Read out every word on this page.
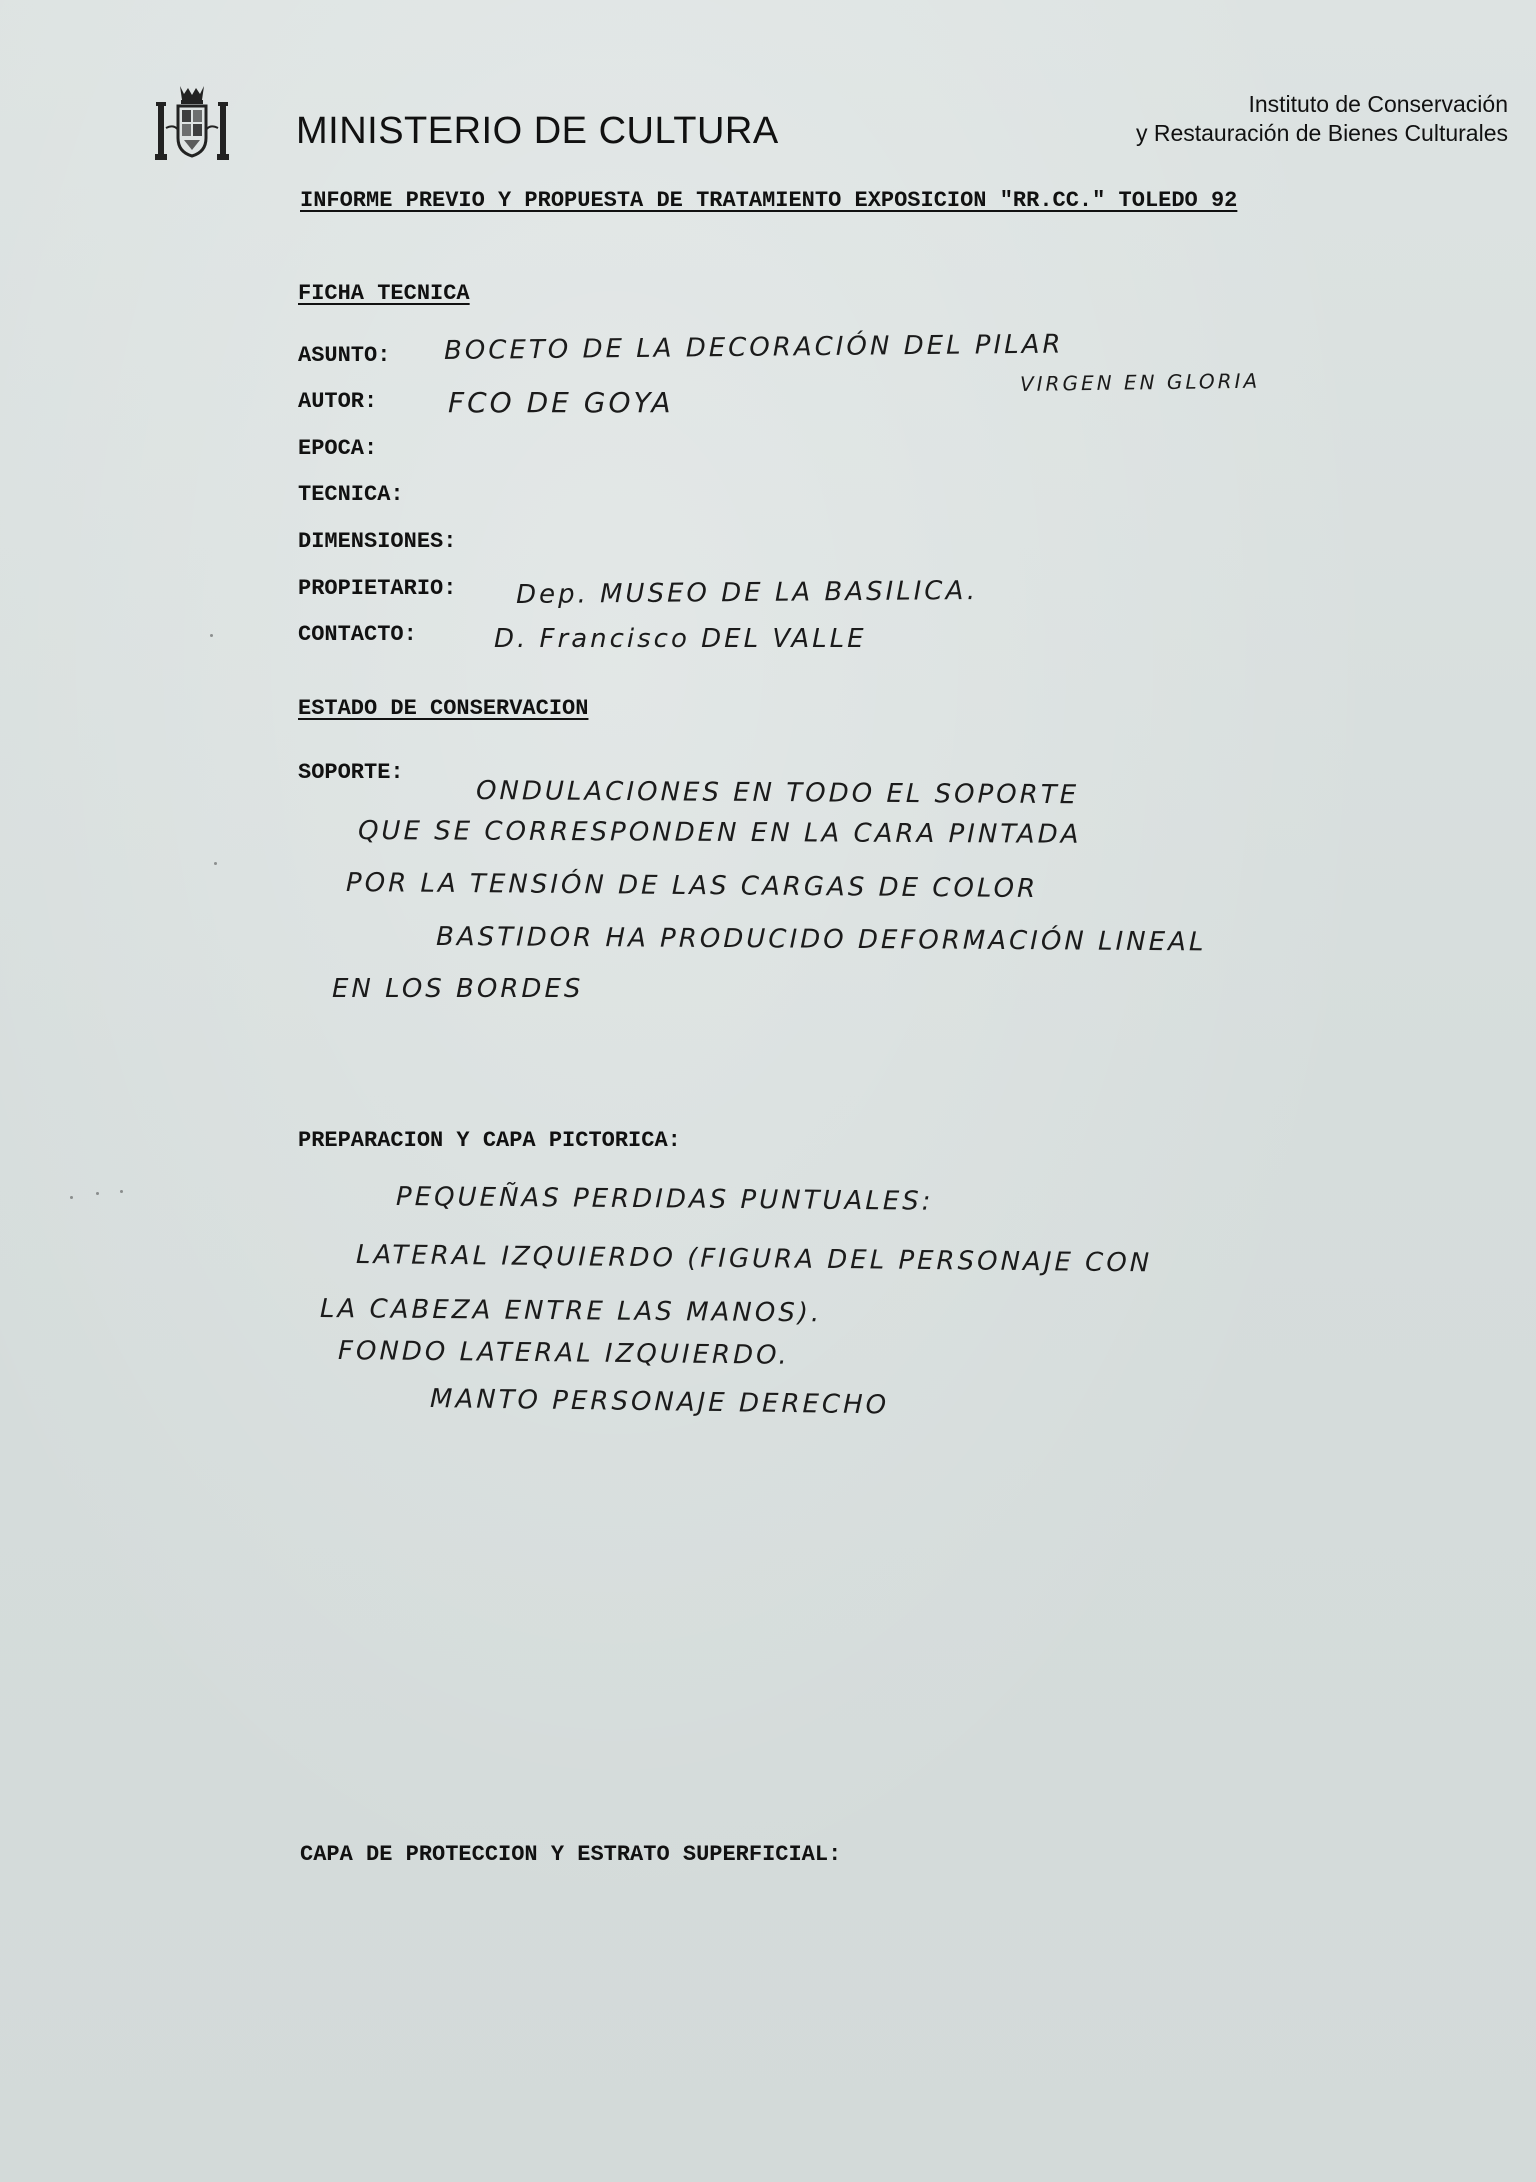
MINISTERIO DE CULTURA
Instituto de Conservación
y Restauración de Bienes Culturales
INFORME PREVIO Y PROPUESTA DE TRATAMIENTO EXPOSICION "RR.CC." TOLEDO 92
FICHA TECNICA
ASUNTO: BOCETO DE LA DECORACIÓN DEL PILAR
VIRGEN EN GLORIA
AUTOR:	FCO DE GOYA
EPOCA:
TECNICA:
DIMENSIONES:
PROPIETARIO: Dep. MUSEO DE LA BASILICA.
CONTACTO:	D. Francisco DEL VALLE
ESTADO DE CONSERVACION
SOPORTE:
ONDULACIONES EN TODO EL SOPORTE
QUE SE CORRESPONDEN EN LA CARA PINTADA
POR LA TENSIÓN DE LAS CARGAS DE COLOR
BASTIDOR HA PRODUCIDO DEFORMACIÓN LINEAL
EN LOS BORDES
PREPARACION Y CAPA PICTORICA:
PEQUEÑAS PERDIDAS PUNTUALES:
LATERAL IZQUIERDO (FIGURA DEL PERSONAJE CON
LA CABEZA ENTRE LAS MANOS).
FONDO LATERAL IZQUIERDO.
MANTO PERSONAJE DERECHO
CAPA DE PROTECCION Y ESTRATO SUPERFICIAL:
